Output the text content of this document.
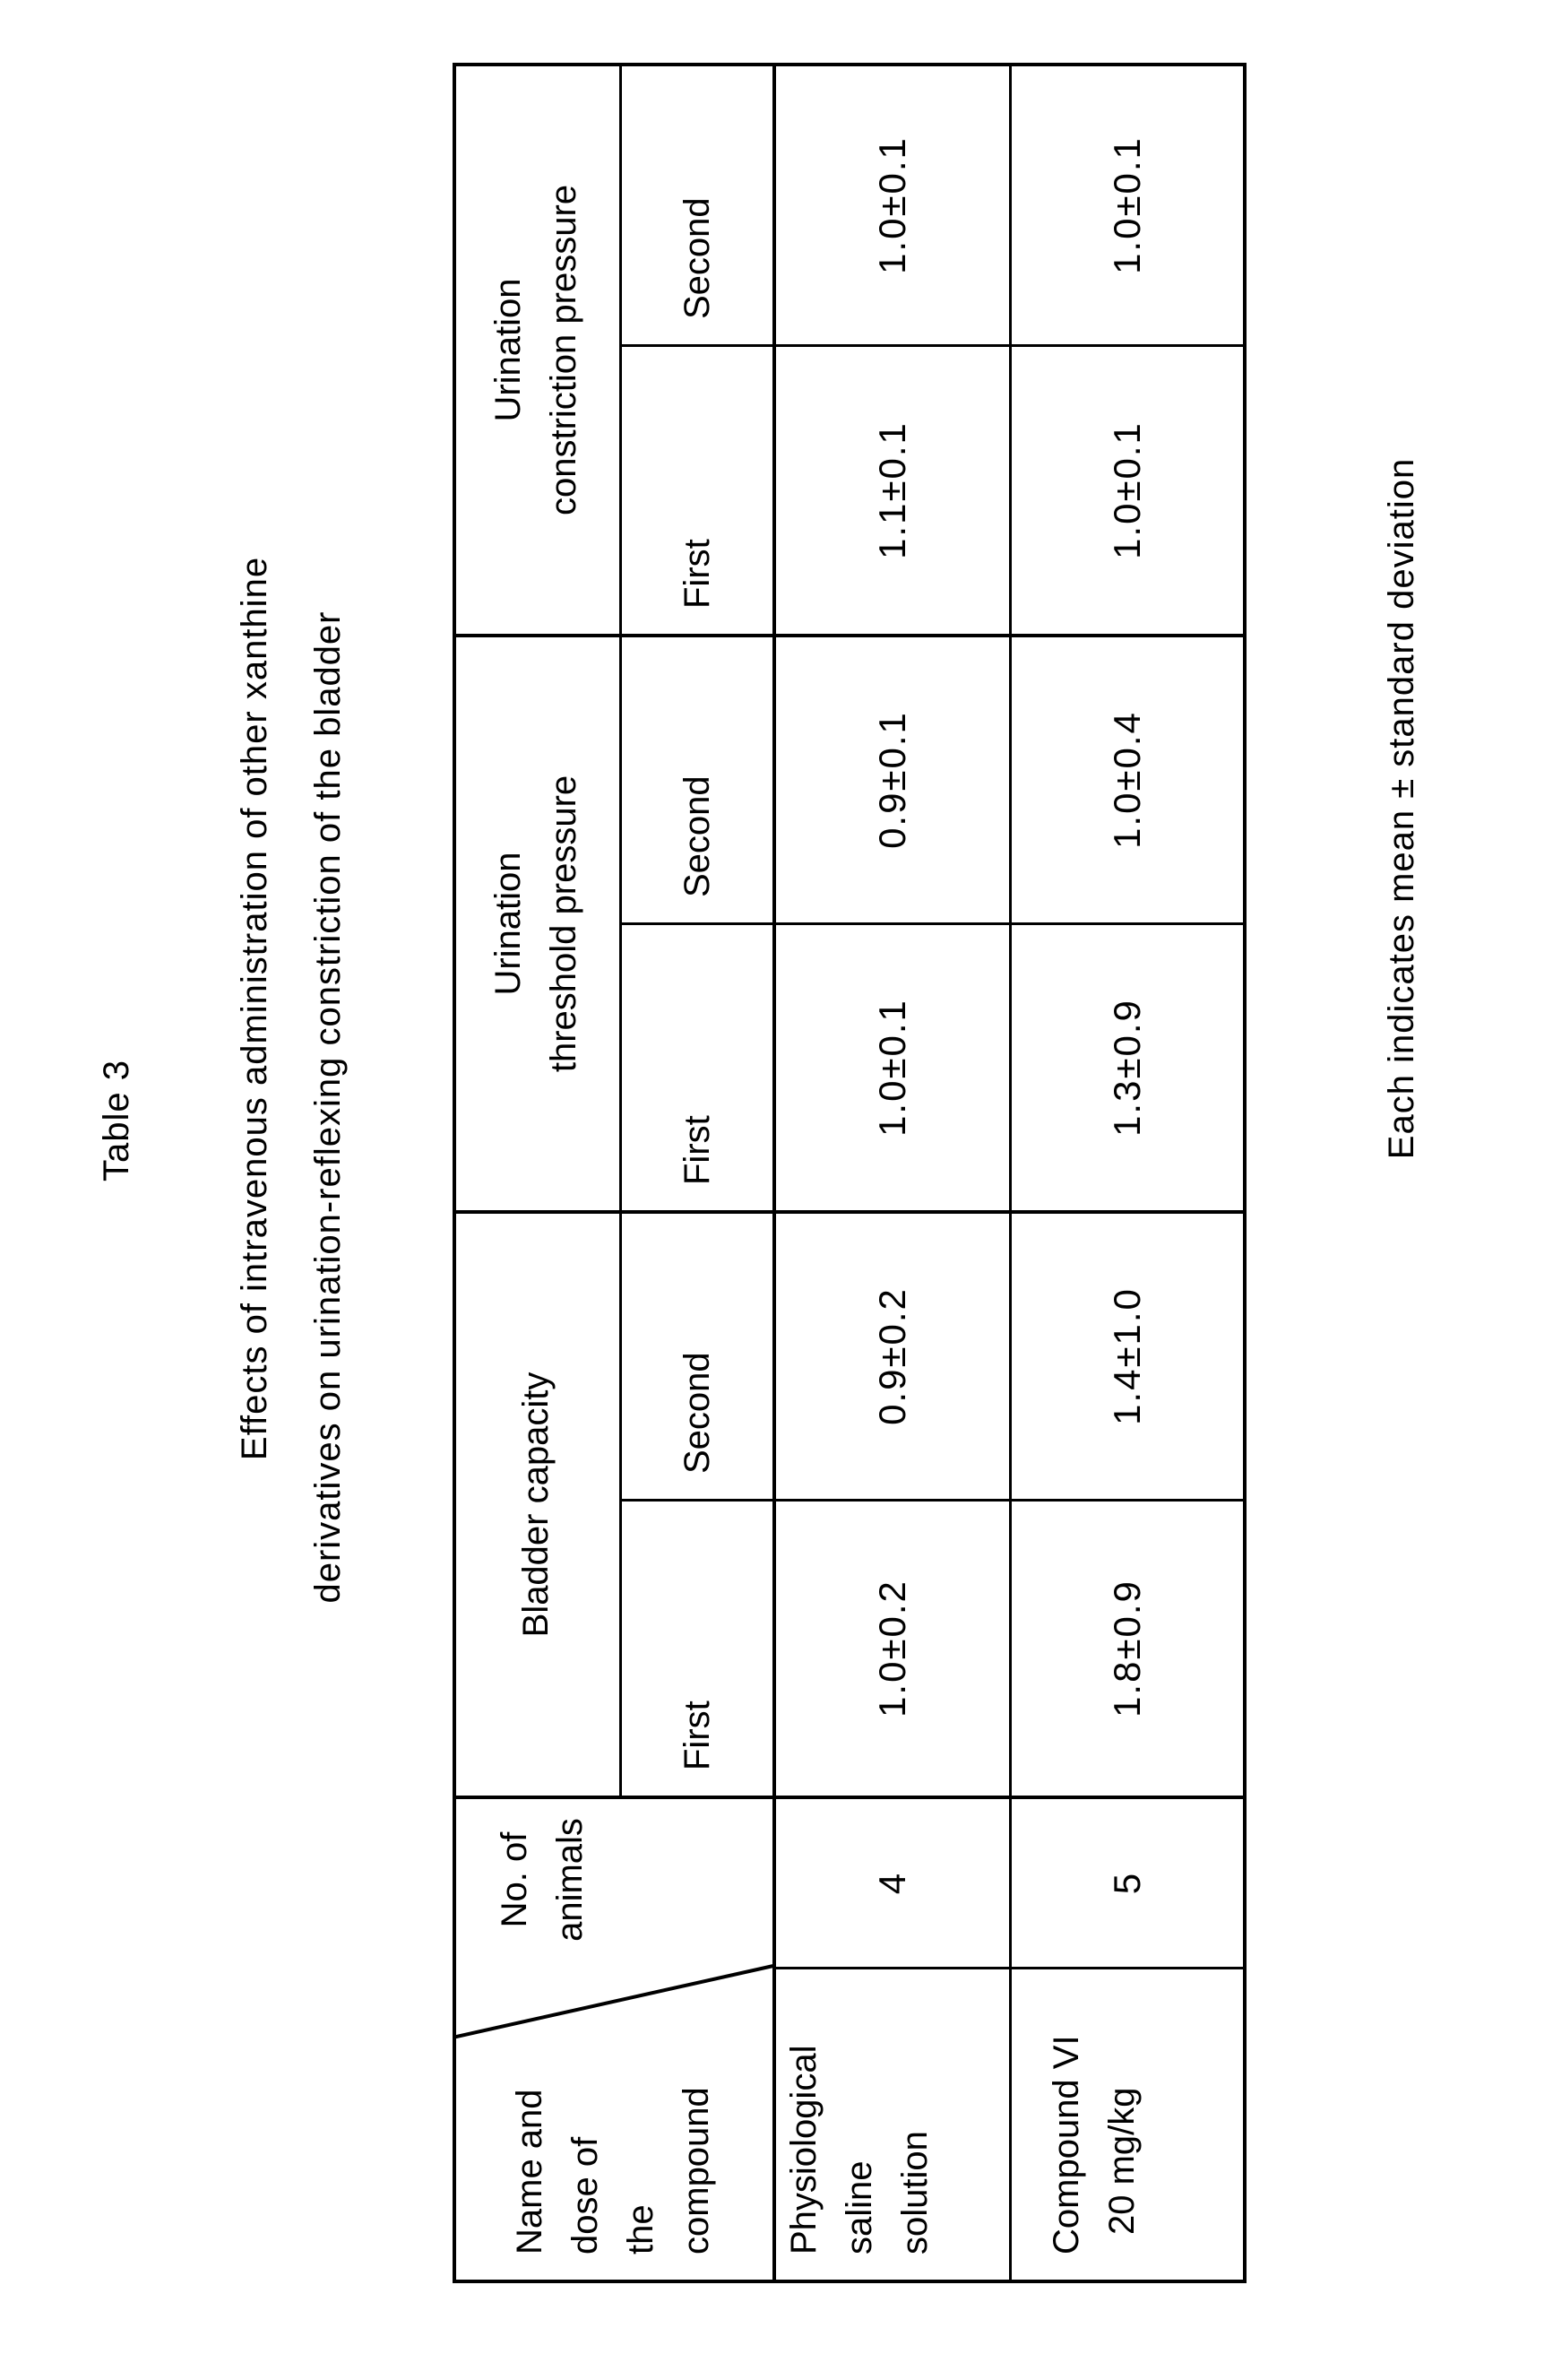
Table 3	Effects of intravenous administration of other xanthine derivatives on urination-reflexing constriction of the bladder
Name and dose of the compound
No. of animals
Bladder capacity
Urination threshold pressure
Urination constriction pressure
First
Second
First
Second
First
Second
Physiological saline solution
4
1.0±0.2
0.9±0.2
1.0±0.1
0.9±0.1
1.1±0.1
1.0±0.1
Compound VI 20 mg/kg
5
1.8±0.9
1.4±1.0
1.3±0.9
1.0±0.4
1.0±0.1
1.0±0.1
Each indicates mean ± standard deviation
